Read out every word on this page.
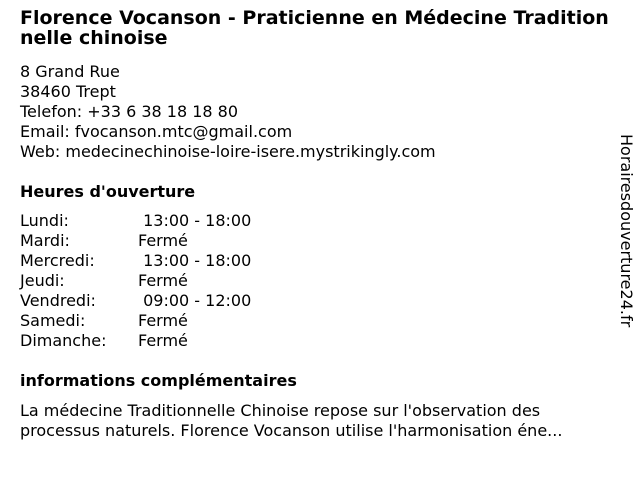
Florence Vocanson - Praticienne en Médecine Traditionnelle chinoise
8 Grand Rue
38460 Trept
Telefon: +33 6 38 18 18 80
Email: fvocanson.mtc@gmail.com
Web: medecinechinoise-loire-isere.mystrikingly.com
Heures d'ouverture
Lundi:	13:00 - 18:00
Mardi:	Fermé
Mercredi:	13:00 - 18:00
Jeudi:	Fermé
Vendredi:	09:00 - 12:00
Samedi:	Fermé
Dimanche:	Fermé
informations complémentaires
La médecine Traditionnelle Chinoise repose sur l'observation des processus naturels. Florence Vocanson utilise l'harmonisation éne...
Horairesdouverture24.fr
